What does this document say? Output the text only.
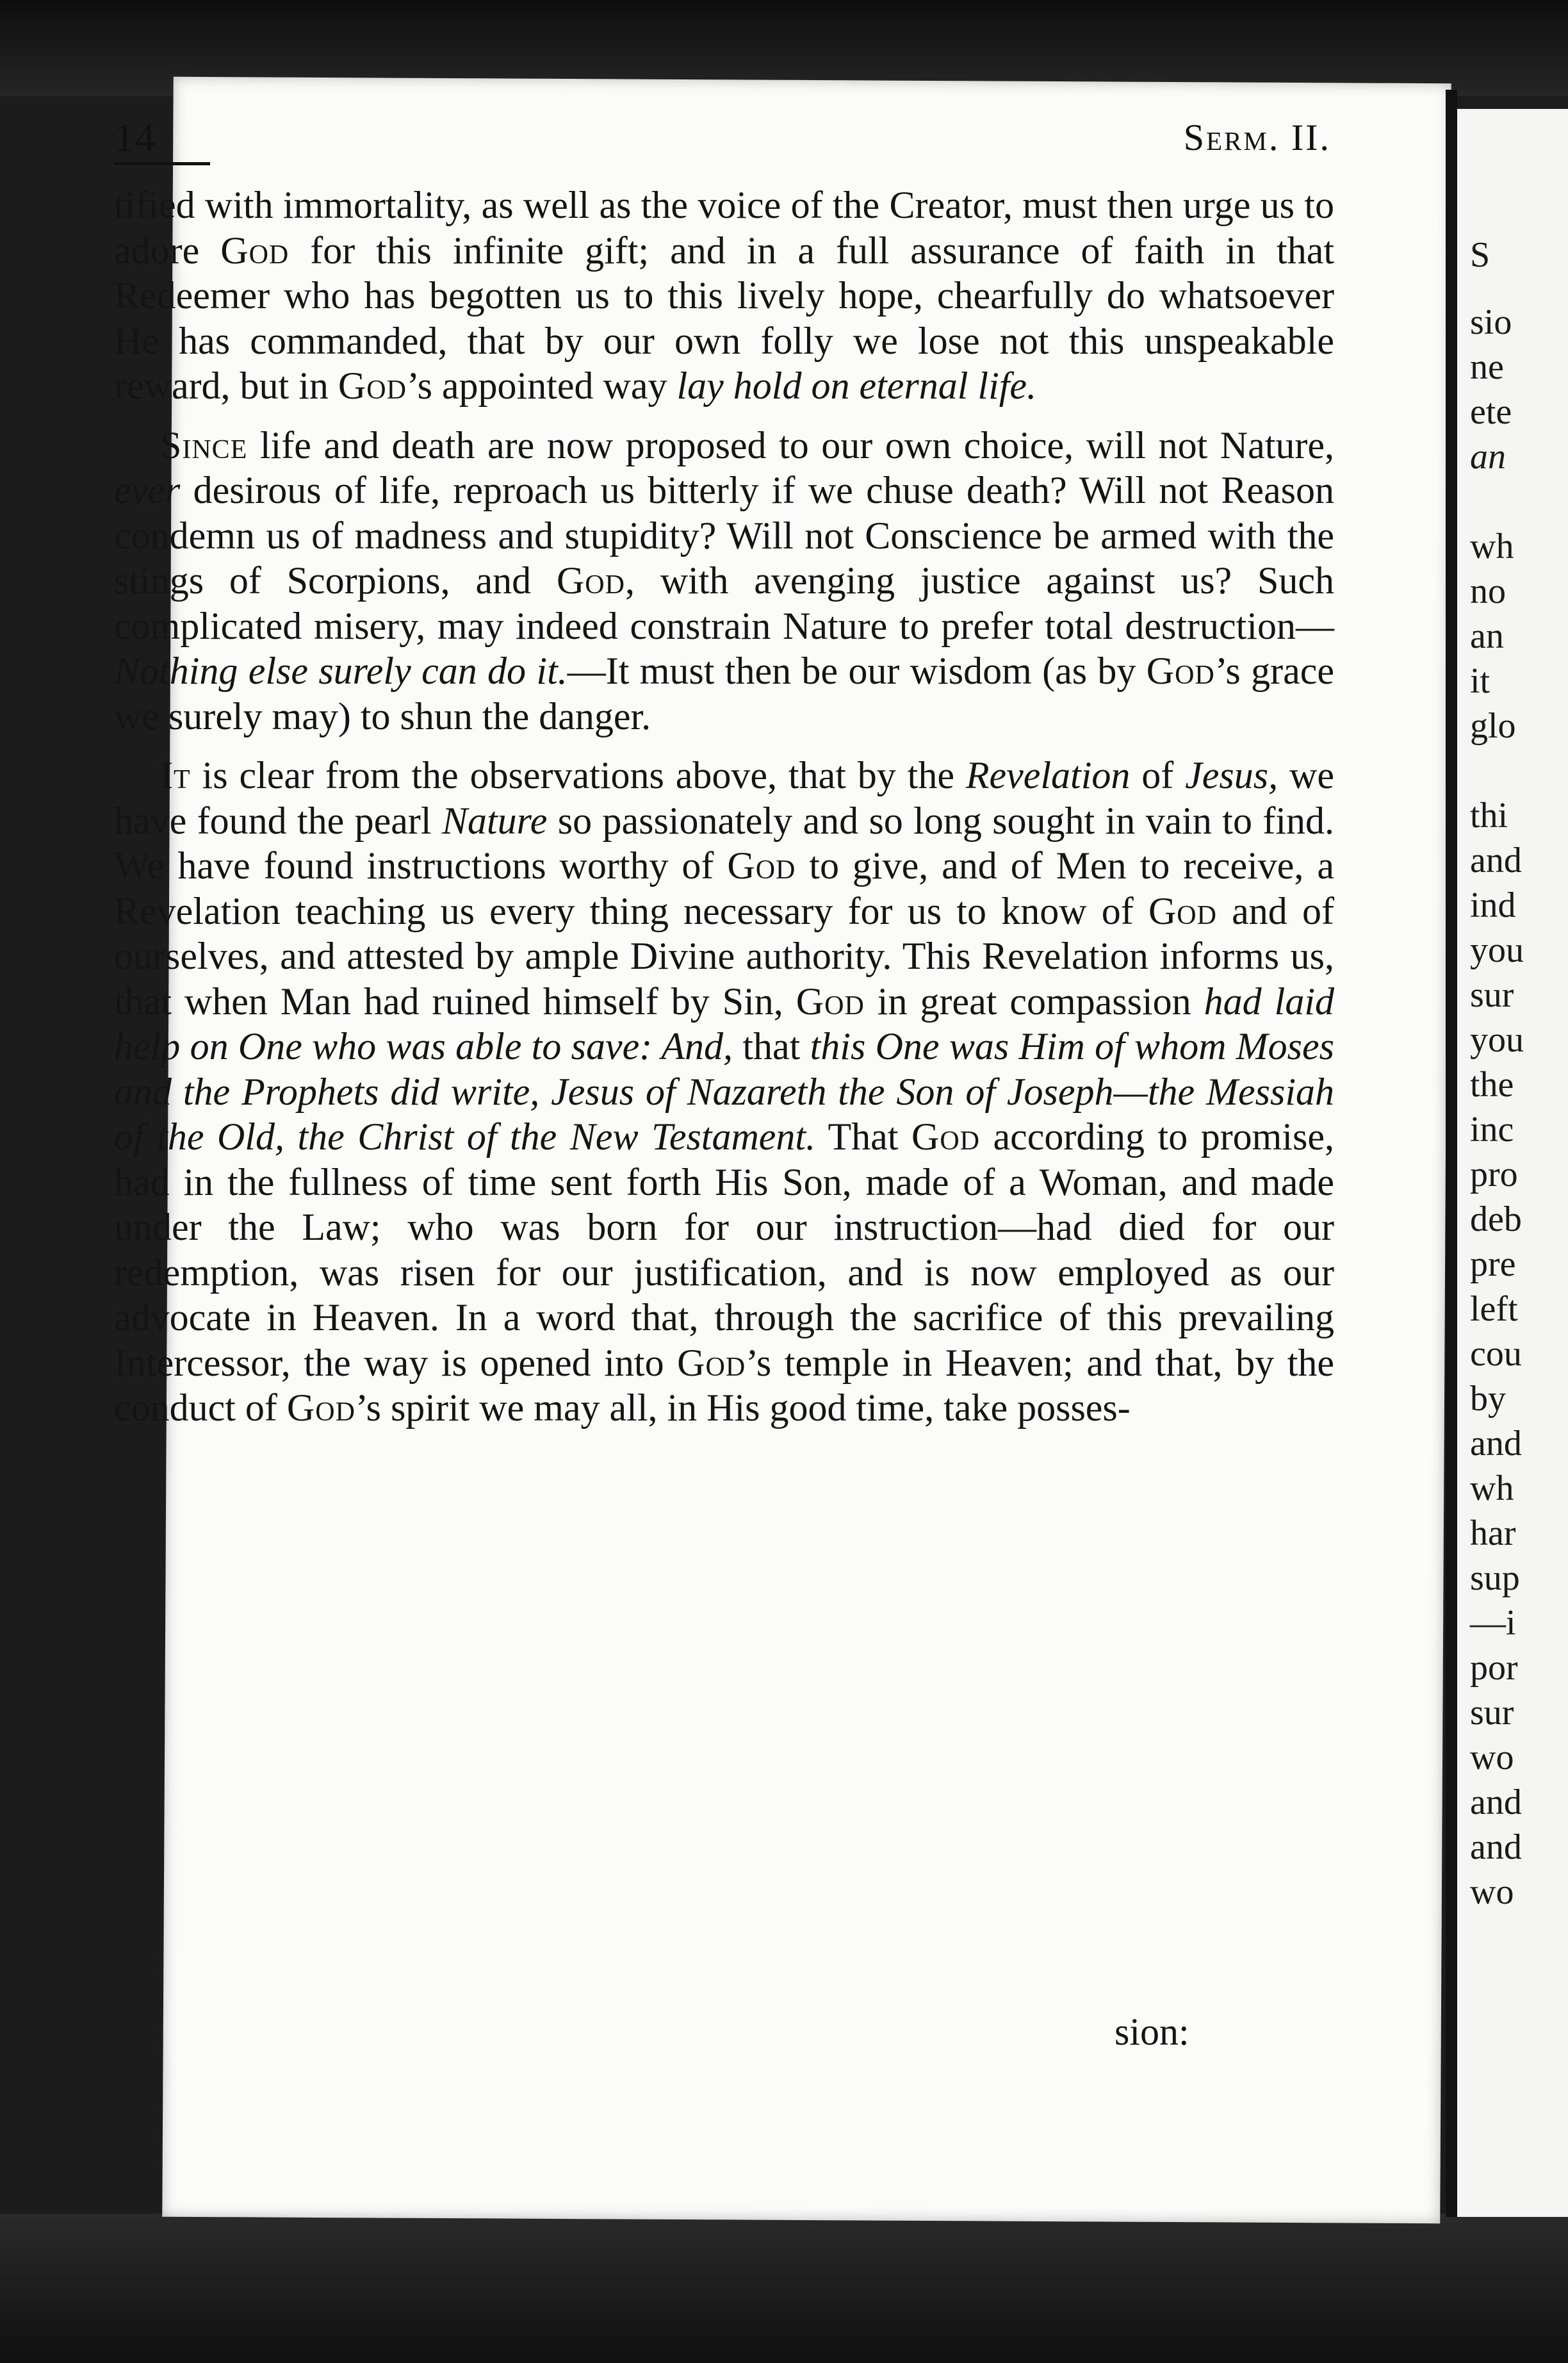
S
sio
ne
ete
an
wh
no
an
it
glo
thi
and
ind
you
sur
you
the
inc
pro
deb
pre
left
cou
by
and
wh
har
sup
—i
por
sur
wo
and
and
wo
14	Serm. II.

tified with immortality, as well as the voice of the Creator, must then urge us to adore God for this infinite gift; and in a full assurance of faith in that Redeemer who has begotten us to this lively hope, chearfully do whatsoever He has commanded, that by our own folly we lose not this unspeakable reward, but in God’s appointed way lay hold on eternal life.

Since life and death are now proposed to our own choice, will not Nature, ever desirous of life, reproach us bitterly if we chuse death? Will not Reason condemn us of madness and stupidity? Will not Conscience be armed with the stings of Scorpions, and God, with avenging justice against us? Such complicated misery, may indeed constrain Nature to prefer total destruction—Nothing else surely can do it.—It must then be our wisdom (as by God’s grace we surely may) to shun the danger.

It is clear from the observations above, that by the Revelation of Jesus, we have found the pearl Nature so passionately and so long sought in vain to find. We have found instructions worthy of God to give, and of Men to receive, a Revelation teaching us every thing necessary for us to know of God and of ourselves, and attested by ample Divine authority. This Revelation informs us, that when Man had ruined himself by Sin, God in great compassion had laid help on One who was able to save: And, that this One was Him of whom Moses and the Prophets did write, Jesus of Nazareth the Son of Joseph—the Messiah of the Old, the Christ of the New Testament. That God according to promise, had in the fullness of time sent forth His Son, made of a Woman, and made under the Law; who was born for our instruction—had died for our redemption, was risen for our justification, and is now employed as our advocate in Heaven. In a word that, through the sacrifice of this prevailing Intercessor, the way is opened into God’s temple in Heaven; and that, by the conduct of God’s spirit we may all, in His good time, take posses-

sion:
